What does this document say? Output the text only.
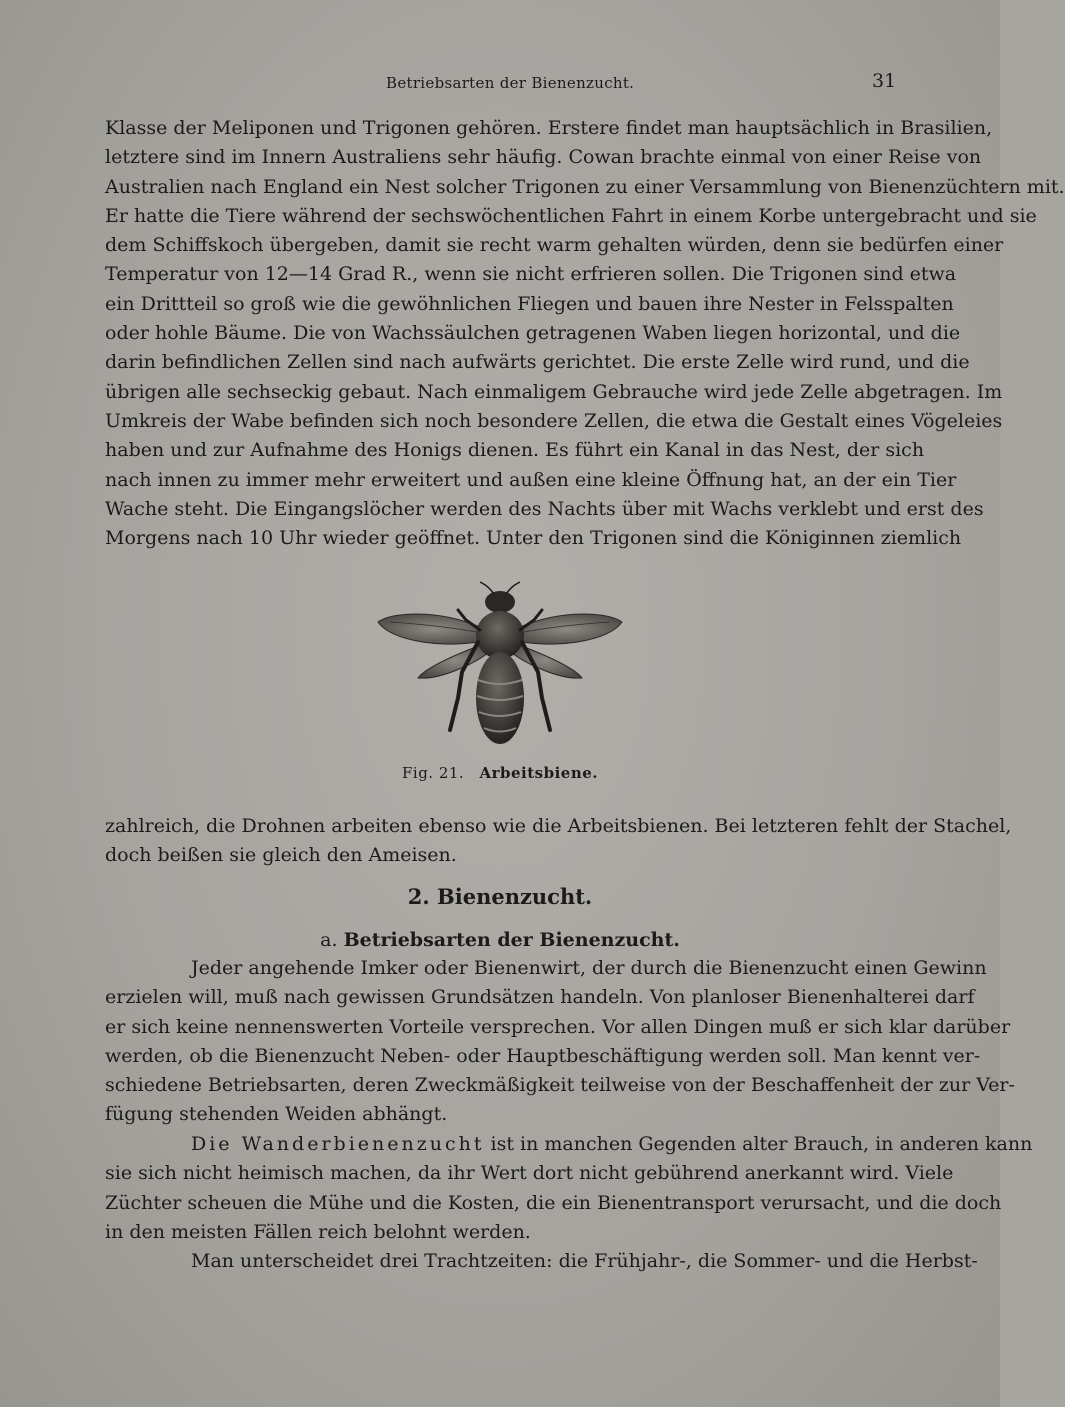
Betriebsarten der Bienenzucht.	31
Klasse der Meliponen und Trigonen gehören. Erstere findet man hauptsächlich in Brasilien,
letztere sind im Innern Australiens sehr häufig. Cowan brachte einmal von einer Reise von
Australien nach England ein Nest solcher Trigonen zu einer Versammlung von Bienenzüchtern mit.
Er hatte die Tiere während der sechswöchentlichen Fahrt in einem Korbe untergebracht und sie
dem Schiffskoch übergeben, damit sie recht warm gehalten würden, denn sie bedürfen einer
Temperatur von 12—14 Grad R., wenn sie nicht erfrieren sollen. Die Trigonen sind etwa
ein Drittteil so groß wie die gewöhnlichen Fliegen und bauen ihre Nester in Felsspalten
oder hohle Bäume. Die von Wachssäulchen getragenen Waben liegen horizontal, und die
darin befindlichen Zellen sind nach aufwärts gerichtet. Die erste Zelle wird rund, und die
übrigen alle sechseckig gebaut. Nach einmaligem Gebrauche wird jede Zelle abgetragen. Im
Umkreis der Wabe befinden sich noch besondere Zellen, die etwa die Gestalt eines Vögeleies
haben und zur Aufnahme des Honigs dienen. Es führt ein Kanal in das Nest, der sich
nach innen zu immer mehr erweitert und außen eine kleine Öffnung hat, an der ein Tier
Wache steht. Die Eingangslöcher werden des Nachts über mit Wachs verklebt und erst des
Morgens nach 10 Uhr wieder geöffnet. Unter den Trigonen sind die Königinnen ziemlich
Fig. 21. Arbeitsbiene.
zahlreich, die Drohnen arbeiten ebenso wie die Arbeitsbienen. Bei letzteren fehlt der Stachel,
doch beißen sie gleich den Ameisen.
2. Bienenzucht.
a. Betriebsarten der Bienenzucht.
Jeder angehende Imker oder Bienenwirt, der durch die Bienenzucht einen Gewinn
erzielen will, muß nach gewissen Grundsätzen handeln. Von planloser Bienenhalterei darf
er sich keine nennenswerten Vorteile versprechen. Vor allen Dingen muß er sich klar darüber
werden, ob die Bienenzucht Neben- oder Hauptbeschäftigung werden soll. Man kennt ver-
schiedene Betriebsarten, deren Zweckmäßigkeit teilweise von der Beschaffenheit der zur Ver-
fügung stehenden Weiden abhängt.
Die Wanderbienenzucht ist in manchen Gegenden alter Brauch, in anderen kann
sie sich nicht heimisch machen, da ihr Wert dort nicht gebührend anerkannt wird. Viele
Züchter scheuen die Mühe und die Kosten, die ein Bienentransport verursacht, und die doch
in den meisten Fällen reich belohnt werden.
Man unterscheidet drei Trachtzeiten: die Frühjahr-, die Sommer- und die Herbst-
